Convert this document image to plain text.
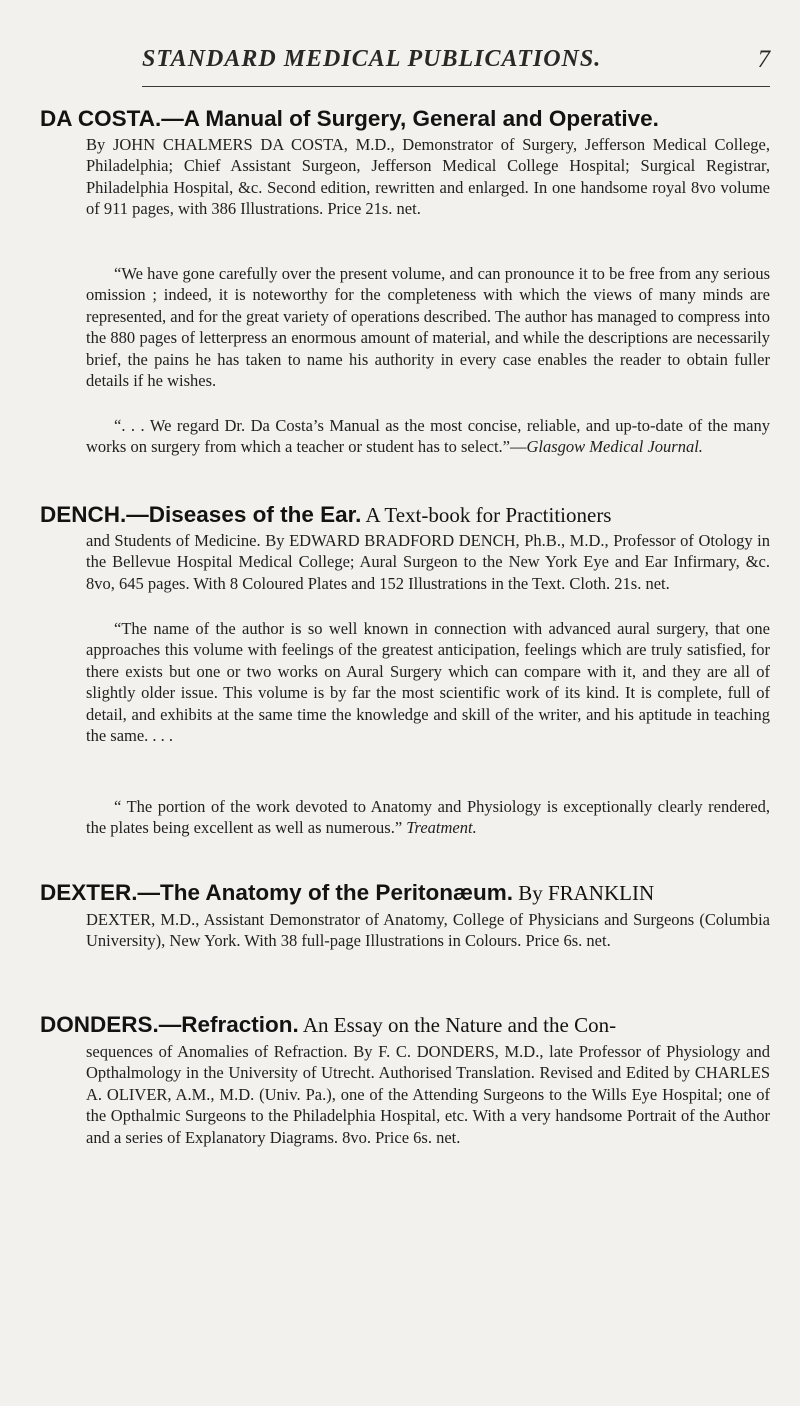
STANDARD MEDICAL PUBLICATIONS.	7
DA COSTA.—A Manual of Surgery, General and Operative.
By JOHN CHALMERS DA COSTA, M.D., Demonstrator of Surgery, Jefferson Medical College, Philadelphia; Chief Assistant Surgeon, Jefferson Medical College Hospital; Surgical Registrar, Philadelphia Hospital, &c. Second edition, rewritten and enlarged. In one handsome royal 8vo volume of 911 pages, with 386 Illustrations. Price 21s. net.
“We have gone carefully over the present volume, and can pronounce it to be free from any serious omission ; indeed, it is noteworthy for the completeness with which the views of many minds are represented, and for the great variety of operations described. The author has managed to compress into the 880 pages of letterpress an enormous amount of material, and while the descriptions are necessarily brief, the pains he has taken to name his authority in every case enables the reader to obtain fuller details if he wishes.
“. . . We regard Dr. Da Costa’s Manual as the most concise, reliable, and up-to-date of the many works on surgery from which a teacher or student has to select.”—Glasgow Medical Journal.
DENCH.—Diseases of the Ear. A Text-book for Practitioners
and Students of Medicine. By EDWARD BRADFORD DENCH, Ph.B., M.D., Professor of Otology in the Bellevue Hospital Medical College; Aural Surgeon to the New York Eye and Ear Infirmary, &c. 8vo, 645 pages. With 8 Coloured Plates and 152 Illustrations in the Text. Cloth. 21s. net.
“The name of the author is so well known in connection with advanced aural surgery, that one approaches this volume with feelings of the greatest anticipation, feelings which are truly satisfied, for there exists but one or two works on Aural Surgery which can compare with it, and they are all of slightly older issue. This volume is by far the most scientific work of its kind. It is complete, full of detail, and exhibits at the same time the knowledge and skill of the writer, and his aptitude in teaching the same. . . .
“ The portion of the work devoted to Anatomy and Physiology is exceptionally clearly rendered, the plates being excellent as well as numerous.” Treatment.
DEXTER.—The Anatomy of the Peritonæum. By FRANKLIN
DEXTER, M.D., Assistant Demonstrator of Anatomy, College of Physicians and Surgeons (Columbia University), New York. With 38 full-page Illustrations in Colours. Price 6s. net.
DONDERS.—Refraction. An Essay on the Nature and the Con-
sequences of Anomalies of Refraction. By F. C. DONDERS, M.D., late Professor of Physiology and Opthalmology in the University of Utrecht. Authorised Translation. Revised and Edited by CHARLES A. OLIVER, A.M., M.D. (Univ. Pa.), one of the Attending Surgeons to the Wills Eye Hospital; one of the Opthalmic Surgeons to the Philadelphia Hospital, etc. With a very handsome Portrait of the Author and a series of Explanatory Diagrams. 8vo. Price 6s. net.
